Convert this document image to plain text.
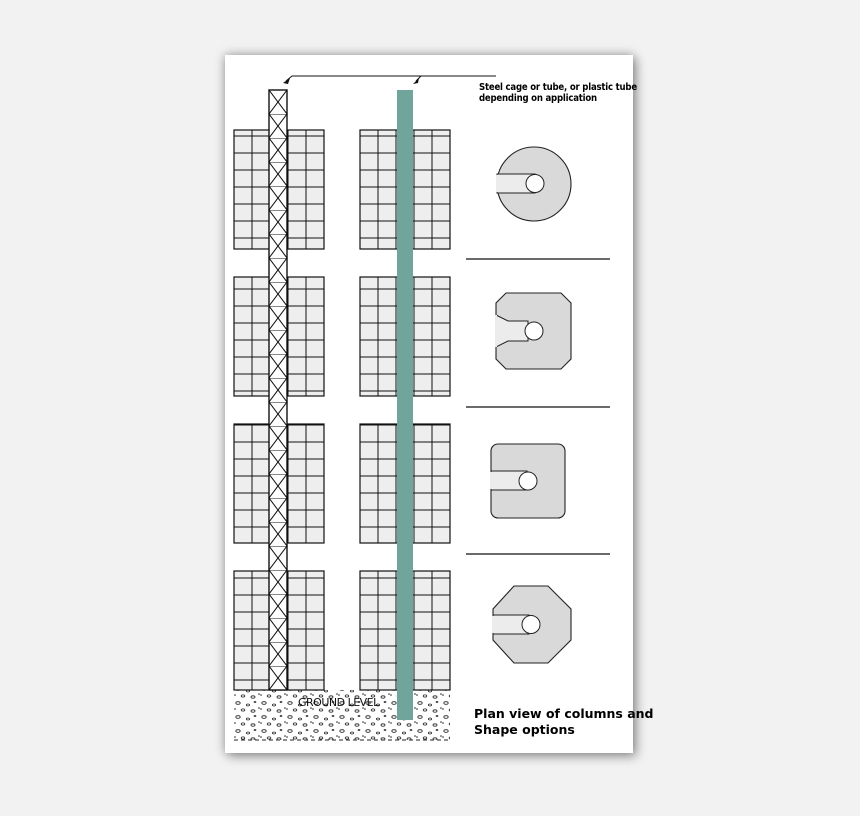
Steel cage or tube, or plastic tube
depending on application
GROUND LEVEL
Plan view of columns and
Shape options
